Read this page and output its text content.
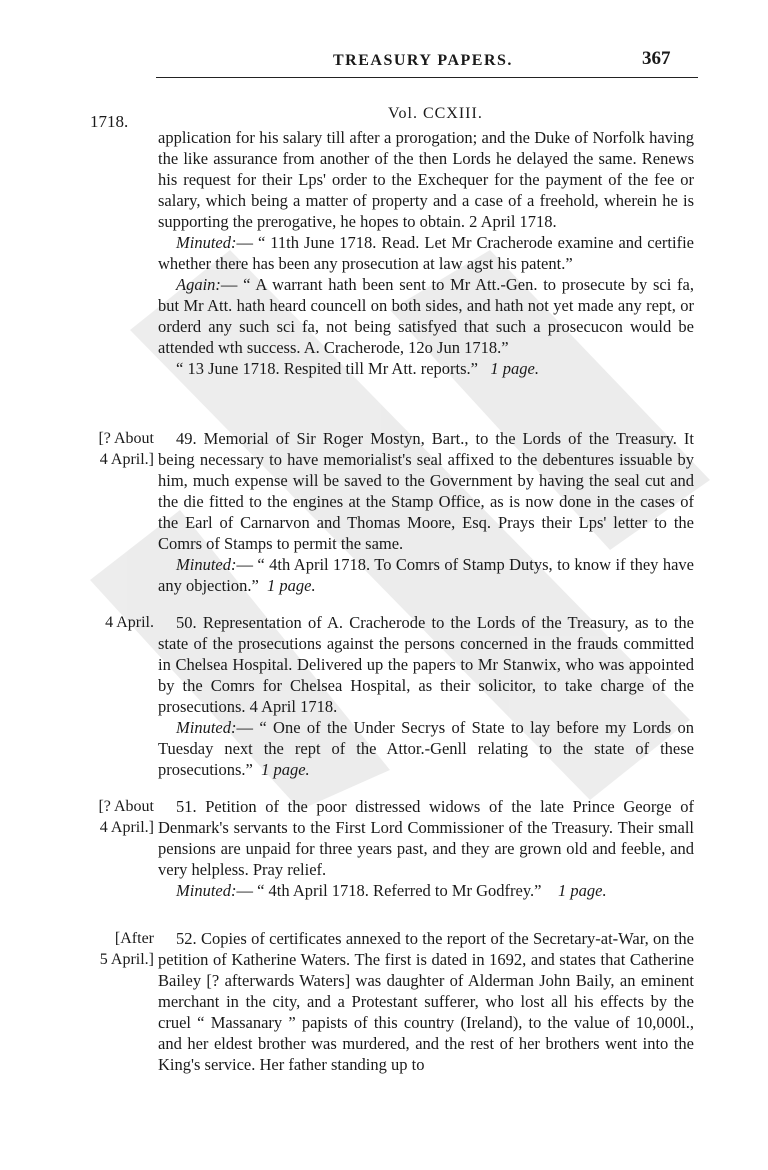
TREASURY PAPERS.	367
1718.	Vol. CCXIII.

application for his salary till after a prorogation; and the Duke of Norfolk having the like assurance from another of the then Lords he delayed the same. Renews his request for their Lps' order to the Exchequer for the payment of the fee or salary, which being a matter of property and a case of a freehold, wherein he is supporting the prerogative, he hopes to obtain. 2 April 1718.

Minuted:— “ 11th June 1718. Read. Let Mr Cracherode examine and certifie whether there has been any prosecution at law agst his patent.”

Again:— “ A warrant hath been sent to Mr Att.-Gen. to prosecute by sci fa, but Mr Att. hath heard councell on both sides, and hath not yet made any rept, or orderd any such sci fa, not being satisfyed that such a prosecucon would be attended wth success. A. Cracherode, 12o Jun 1718.”

“ 13 June 1718. Respited till Mr Att. reports.” 1 page.

[? About
4 April.]

49. Memorial of Sir Roger Mostyn, Bart., to the Lords of the Treasury. It being necessary to have memorialist's seal affixed to the debentures issuable by him, much expense will be saved to the Government by having the seal cut and the die fitted to the engines at the Stamp Office, as is now done in the cases of the Earl of Carnarvon and Thomas Moore, Esq. Prays their Lps' letter to the Comrs of Stamps to permit the same.

Minuted:— “ 4th April 1718. To Comrs of Stamp Dutys, to know if they have any objection.” 1 page.

4 April.	50. Representation of A. Cracherode to the Lords of the Treasury, as to the state of the prosecutions against the persons concerned in the frauds committed in Chelsea Hospital. Delivered up the papers to Mr Stanwix, who was appointed by the Comrs for Chelsea Hospital, as their solicitor, to take charge of the prosecutions. 4 April 1718.

Minuted:— “ One of the Under Secrys of State to lay before my Lords on Tuesday next the rept of the Attor.-Genll relating to the state of these prosecutions.” 1 page.

[? About
4 April.]

51. Petition of the poor distressed widows of the late Prince George of Denmark's servants to the First Lord Commissioner of the Treasury. Their small pensions are unpaid for three years past, and they are grown old and feeble, and very helpless. Pray relief.

Minuted:— “ 4th April 1718. Referred to Mr Godfrey.” 1 page.

[After
5 April.]

52. Copies of certificates annexed to the report of the Secretary-at-War, on the petition of Katherine Waters. The first is dated in 1692, and states that Catherine Bailey [? afterwards Waters] was daughter of Alderman John Baily, an eminent merchant in the city, and a Protestant sufferer, who lost all his effects by the cruel “ Massanary ” papists of this country (Ireland), to the value of 10,000l., and her eldest brother was murdered, and the rest of her brothers went into the King's service. Her father standing up to
